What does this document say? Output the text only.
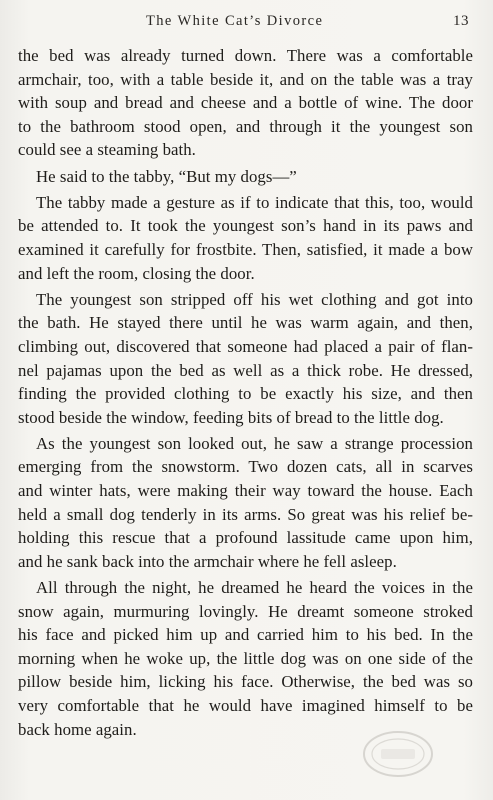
The White Cat’s Divorce	13
the bed was already turned down. There was a comfortable
armchair, too, with a table beside it, and on the table was a tray
with soup and bread and cheese and a bottle of wine. The door
to the bathroom stood open, and through it the youngest son
could see a steaming bath.
He said to the tabby, “But my dogs—”
The tabby made a gesture as if to indicate that this, too, would
be attended to. It took the youngest son’s hand in its paws and
examined it carefully for frostbite. Then, satisfied, it made a bow
and left the room, closing the door.
The youngest son stripped off his wet clothing and got into
the bath. He stayed there until he was warm again, and then,
climbing out, discovered that someone had placed a pair of flan-
nel pajamas upon the bed as well as a thick robe. He dressed,
finding the provided clothing to be exactly his size, and then
stood beside the window, feeding bits of bread to the little dog.
As the youngest son looked out, he saw a strange procession
emerging from the snowstorm. Two dozen cats, all in scarves
and winter hats, were making their way toward the house. Each
held a small dog tenderly in its arms. So great was his relief be-
holding this rescue that a profound lassitude came upon him,
and he sank back into the armchair where he fell asleep.
All through the night, he dreamed he heard the voices in the
snow again, murmuring lovingly. He dreamt someone stroked
his face and picked him up and carried him to his bed. In the
morning when he woke up, the little dog was on one side of the
pillow beside him, licking his face. Otherwise, the bed was so
very comfortable that he would have imagined himself to be
back home again.
